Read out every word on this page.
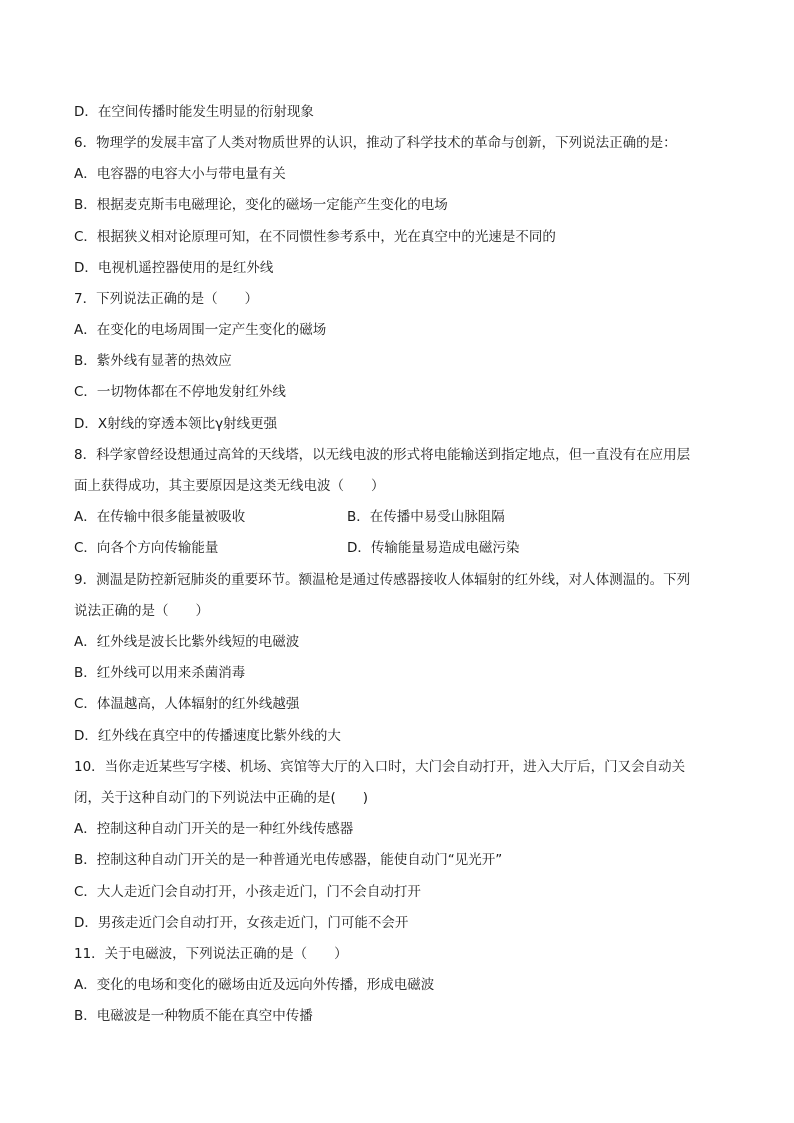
D．在空间传播时能发生明显的衍射现象
6．物理学的发展丰富了人类对物质世界的认识，推动了科学技术的革命与创新，下列说法正确的是：
A．电容器的电容大小与带电量有关
B．根据麦克斯韦电磁理论，变化的磁场一定能产生变化的电场
C．根据狭义相对论原理可知，在不同惯性参考系中，光在真空中的光速是不同的
D．电视机遥控器使用的是红外线
7．下列说法正确的是（　　）
A．在变化的电场周围一定产生变化的磁场
B．紫外线有显著的热效应
C．一切物体都在不停地发射红外线
D．X射线的穿透本领比γ射线更强
8．科学家曾经设想通过高耸的天线塔，以无线电波的形式将电能输送到指定地点，但一直没有在应用层
面上获得成功，其主要原因是这类无线电波（　　）
A．在传输中很多能量被吸收	B．在传播中易受山脉阻隔
C．向各个方向传输能量	D．传输能量易造成电磁污染
9．测温是防控新冠肺炎的重要环节。额温枪是通过传感器接收人体辐射的红外线，对人体测温的。下列
说法正确的是（　　）
A．红外线是波长比紫外线短的电磁波
B．红外线可以用来杀菌消毒
C．体温越高，人体辐射的红外线越强
D．红外线在真空中的传播速度比紫外线的大
10．当你走近某些写字楼、机场、宾馆等大厅的入口时，大门会自动打开，进入大厅后，门又会自动关
闭，关于这种自动门的下列说法中正确的是(　　)
A．控制这种自动门开关的是一种红外线传感器
B．控制这种自动门开关的是一种普通光电传感器，能使自动门“见光开”
C．大人走近门会自动打开，小孩走近门，门不会自动打开
D．男孩走近门会自动打开，女孩走近门，门可能不会开
11．关于电磁波，下列说法正确的是（　　）
A．变化的电场和变化的磁场由近及远向外传播，形成电磁波
B．电磁波是一种物质不能在真空中传播
